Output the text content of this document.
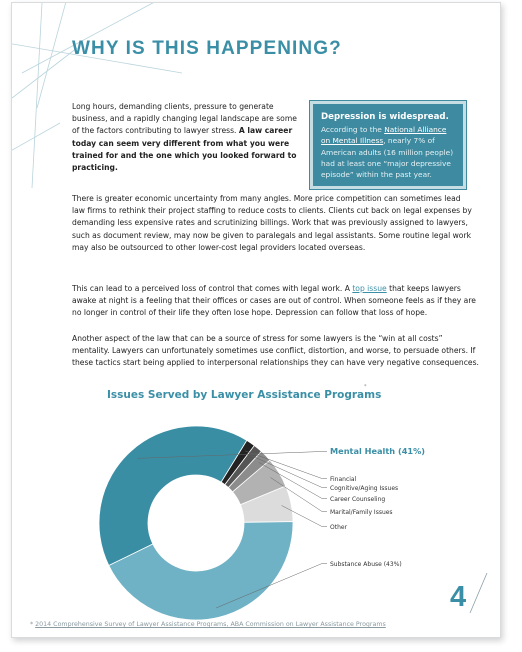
WHY IS THIS HAPPENING?

Long hours, demanding clients, pressure to generate business, and a rapidly changing legal landscape are some of the factors contributing to lawyer stress. A law career today can seem very different from what you were trained for and the one which you looked forward to practicing.

Depression is widespread.

According to the National Alliance on Mental Illness, nearly 7% of American adults (16 million people) had at least one “major depressive episode” within the past year.

There is greater economic uncertainty from many angles. More price competition can sometimes lead law firms to rethink their project staffing to reduce costs to clients. Clients cut back on legal expenses by demanding less expensive rates and scrutinizing billings. Work that was previously assigned to lawyers, such as document review, may now be given to paralegals and legal assistants. Some routine legal work may also be outsourced to other lower-cost legal providers located overseas.

This can lead to a perceived loss of control that comes with legal work. A top issue that keeps lawyers awake at night is a feeling that their offices or cases are out of control. When someone feels as if they are no longer in control of their life they often lose hope. Depression can follow that loss of hope.

Another aspect of the law that can be a source of stress for some lawyers is the “win at all costs” mentality. Lawyers can unfortunately sometimes use conflict, distortion, and worse, to persuade others. If these tactics start being applied to interpersonal relationships they can have very negative consequences.

Issues Served by Lawyer Assistance Programs
*
Mental Health (41%)
Financial
Cognitive/Aging Issues
Career Counseling
Marital/Family Issues
Other
Substance Abuse (43%)
* 2014 Comprehensive Survey of Lawyer Assistance Programs, ABA Commission on Lawyer Assistance Programs
4
